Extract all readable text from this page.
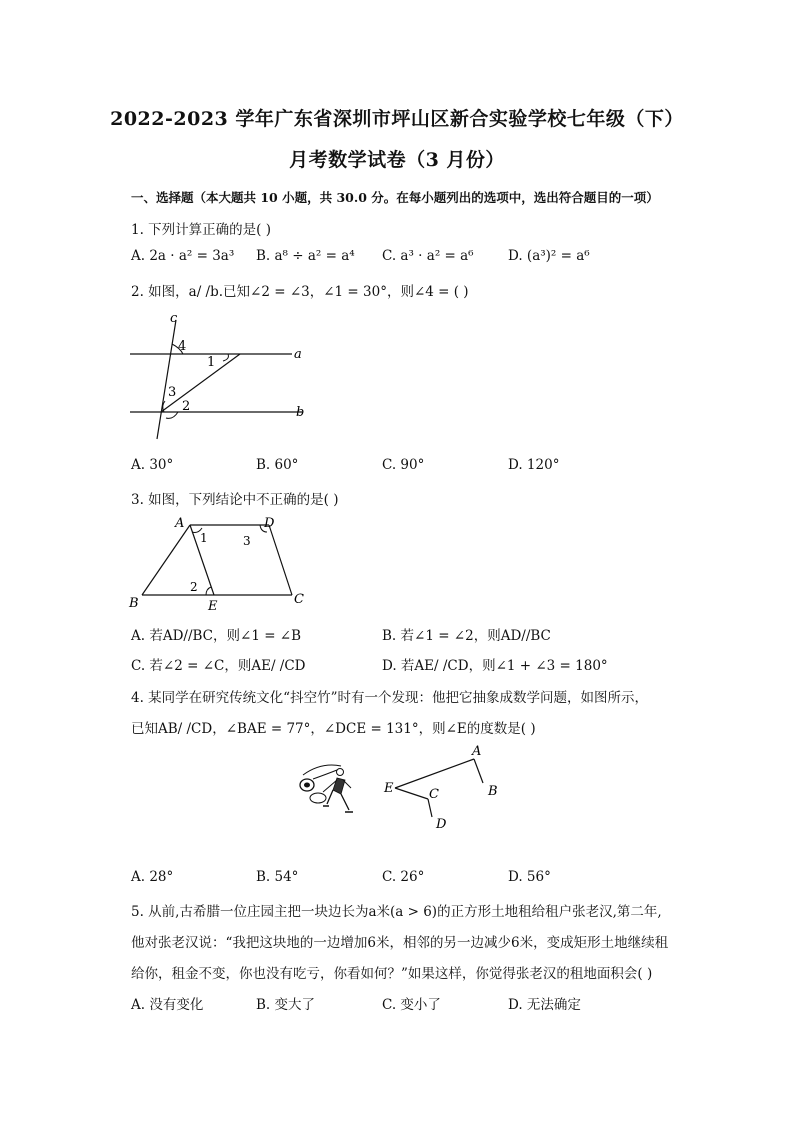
2022-2023 学年广东省深圳市坪山区新合实验学校七年级（下）
月考数学试卷（3 月份）
一、选择题（本大题共 10 小题，共 30.0 分。在每小题列出的选项中，选出符合题目的一项）
1. 下列计算正确的是( )
A. 2a · a² = 3a³ B. a⁸ ÷ a² = a⁴ C. a³ · a² = a⁶	D. (a³)² = a⁶
2. 如图，a/ /b.已知∠2 = ∠3，∠1 = 30°，则∠4 = ( )
c
4
1
a
3
2	b
A. 30°	B. 60°	C. 90°	D. 120°
3. 如图，下列结论中不正确的是( )
A	D
1	3
2
B	E	C
A. 若AD//BC，则∠1 = ∠B	B. 若∠1 = ∠2，则AD//BC
C. 若∠2 = ∠C，则AE/ /CD	D. 若AE/ /CD，则∠1 + ∠3 = 180°
4. 某同学在研究传统文化“抖空竹”时有一个发现：他把它抽象成数学问题，如图所示，
已知AB/ /CD，∠BAE = 77°，∠DCE = 131°，则∠E的度数是( )
A
E	C	B
D
A. 28°	B. 54°	C. 26°	D. 56°
5. 从前,古希腊一位庄园主把一块边长为a米(a > 6)的正方形土地租给租户张老汉,第二年,
他对张老汉说：“我把这块地的一边增加6米，相邻的另一边减少6米，变成矩形土地继续租
给你，租金不变，你也没有吃亏，你看如何？”如果这样，你觉得张老汉的租地面积会( )
A. 没有变化	B. 变大了	C. 变小了	D. 无法确定
